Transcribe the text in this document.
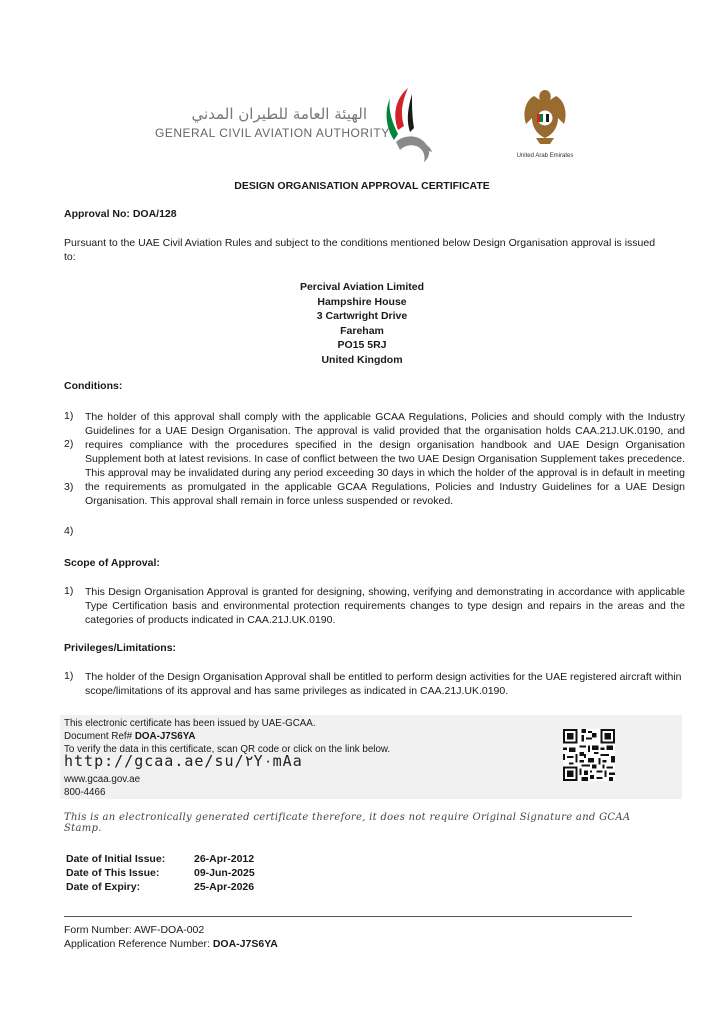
الهيئة العامة للطيران المدني
GENERAL CIVIL AVIATION AUTHORITY
United Arab Emirates
DESIGN ORGANISATION APPROVAL CERTIFICATE
Approval No: DOA/128
Pursuant to the UAE Civil Aviation Rules and subject to the conditions mentioned below Design Organisation approval is issued to:
Percival Aviation Limited
Hampshire House
3 Cartwright Drive
Fareham
PO15 5RJ
United Kingdom
Conditions:
1)
2)
3)
4)
The holder of this approval shall comply with the applicable GCAA Regulations, Policies and should comply with the Industry Guidelines for a UAE Design Organisation. The approval is valid provided that the organisation holds CAA.21J.UK.0190, and requires compliance with the procedures specified in the design organisation handbook and UAE Design Organisation Supplement both at latest revisions. In case of conflict between the two UAE Design Organisation Supplement takes precedence. This approval may be invalidated during any period exceeding 30 days in which the holder of the approval is in default in meeting the requirements as promulgated in the applicable GCAA Regulations, Policies and Industry Guidelines for a UAE Design Organisation. This approval shall remain in force unless suspended or revoked.
Scope of Approval:
1) This Design Organisation Approval is granted for designing, showing, verifying and demonstrating in accordance with applicable Type Certification basis and environmental protection requirements changes to type design and repairs in the areas and the categories of products indicated in CAA.21J.UK.0190.
Privileges/Limitations:
1) The holder of the Design Organisation Approval shall be entitled to perform design activities for the UAE registered aircraft within scope/limitations of its approval and has same privileges as indicated in CAA.21J.UK.0190.
This electronic certificate has been issued by UAE-GCAA.
Document Ref# DOA-J7S6YA
To verify the data in this certificate, scan QR code or click on the link below.
http://gcaa.ae/su/٢Y٠mAa
www.gcaa.gov.ae
800-4466
This is an electronically generated certificate therefore, it does not require Original Signature and GCAA Stamp.
Date of Initial Issue:	26-Apr-2012
Date of This Issue:	09-Jun-2025
Date of Expiry:	25-Apr-2026
Form Number: AWF-DOA-002
Application Reference Number: DOA-J7S6YA
